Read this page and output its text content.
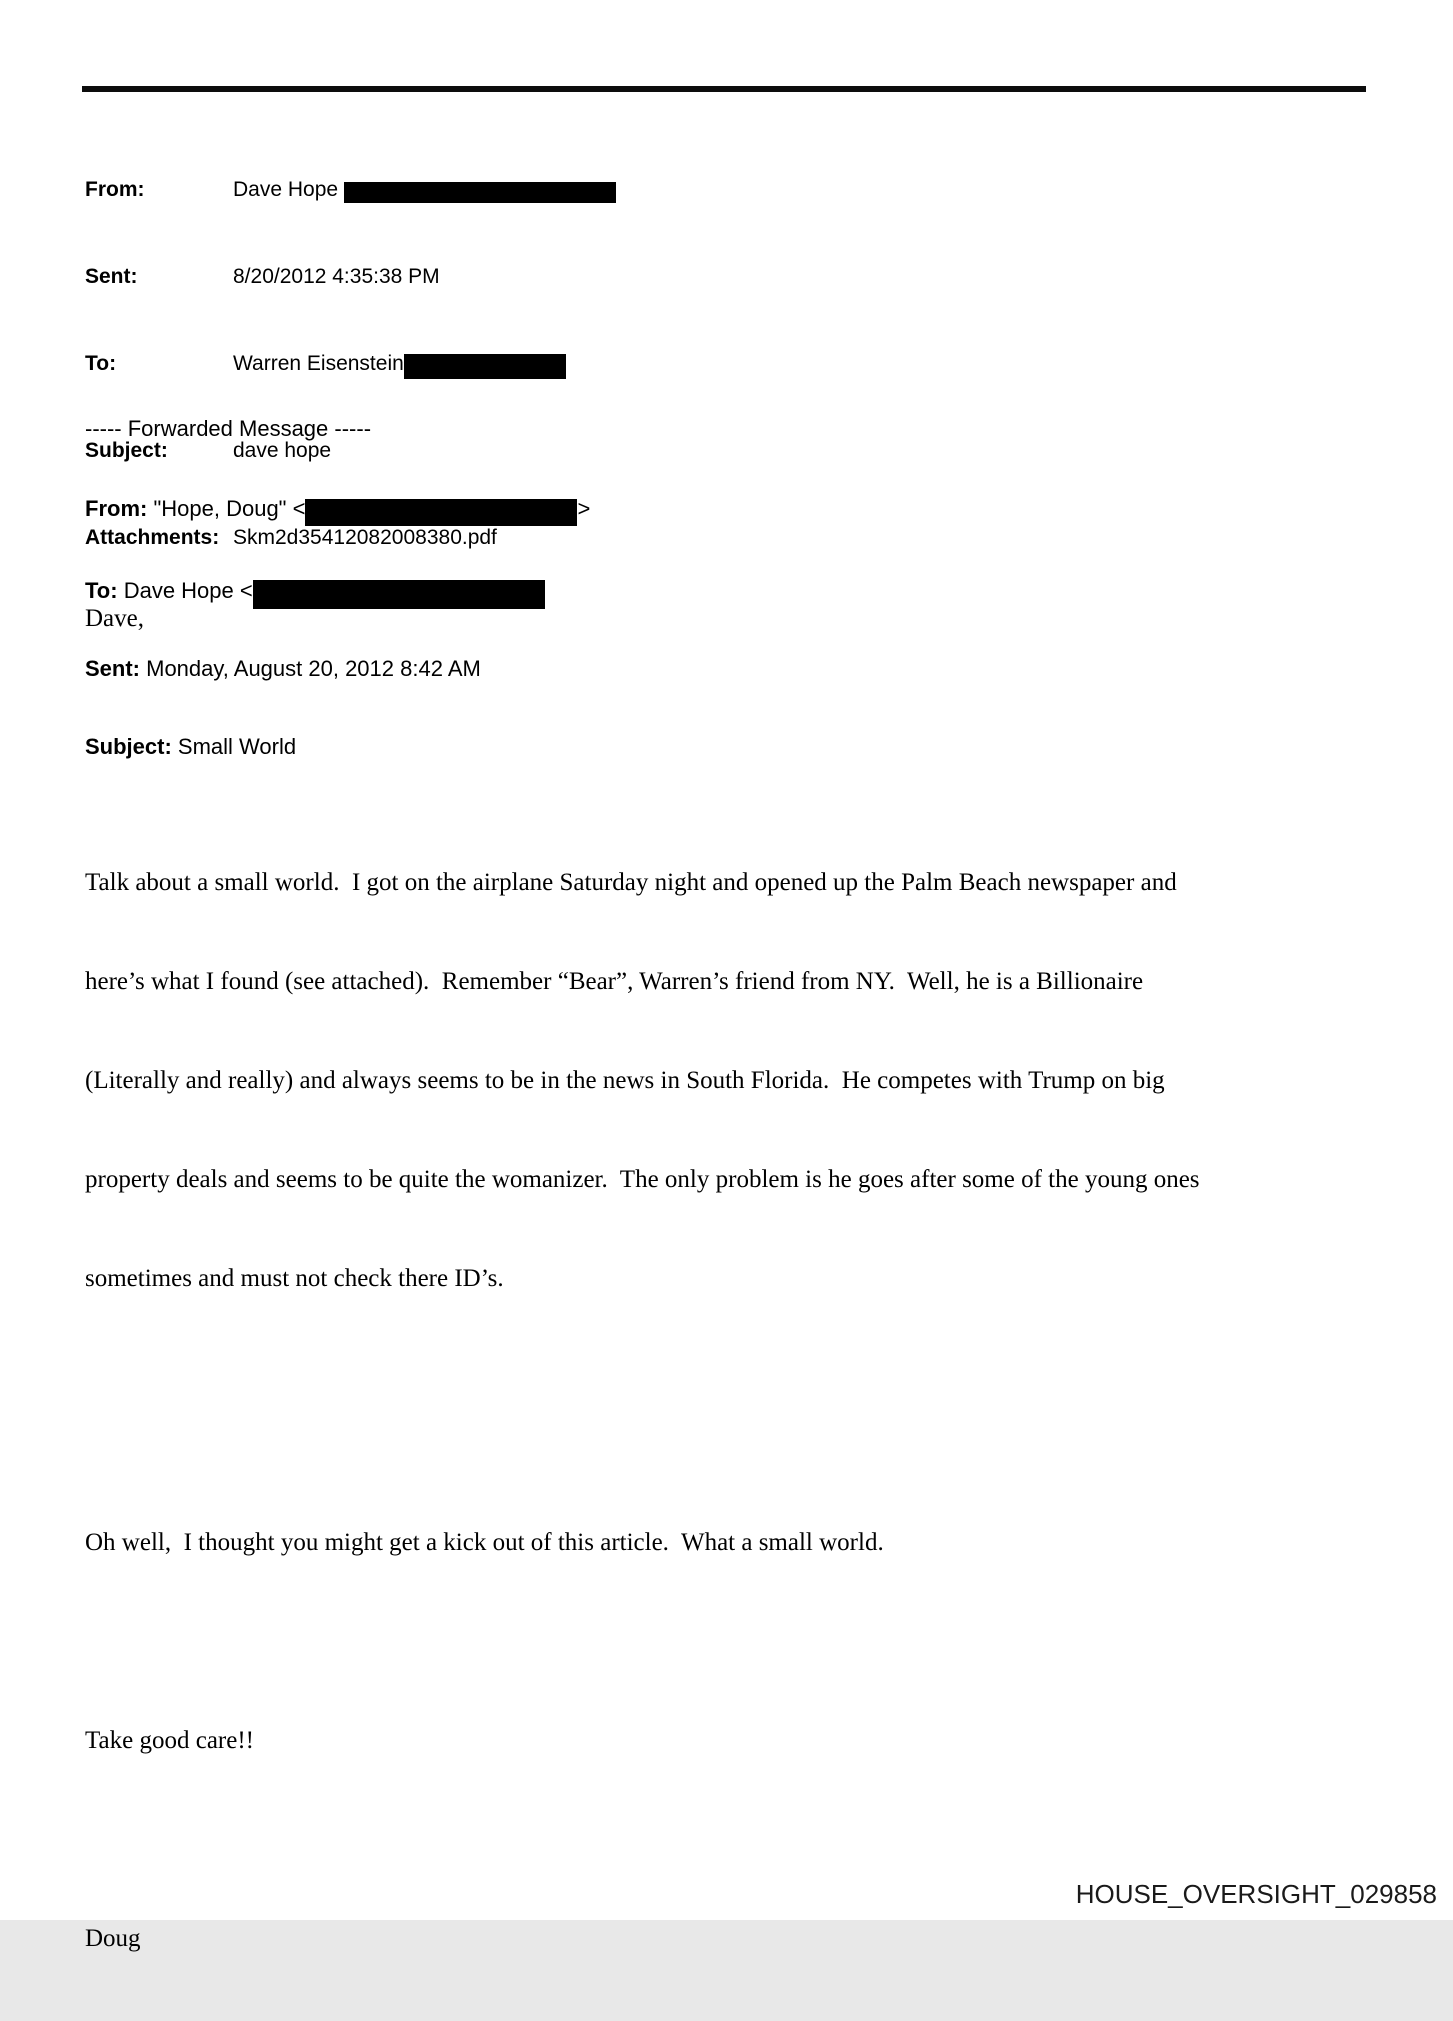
From:	Dave Hope

Sent:	8/20/2012 4:35:38 PM

To:	Warren Eisenstein

Subject:	dave hope

Attachments: Skm2d35412082008380.pdf

----- Forwarded Message -----

From: "Hope, Doug" <	>

To: Dave Hope <

Sent: Monday, August 20, 2012 8:42 AM

Subject: Small World

Dave,

Talk about a small world.  I got on the airplane Saturday night and opened up the Palm Beach newspaper and

here’s what I found (see attached).  Remember “Bear”, Warren’s friend from NY.  Well, he is a Billionaire

(Literally and really) and always seems to be in the news in South Florida.  He competes with Trump on big

property deals and seems to be quite the womanizer.  The only problem is he goes after some of the young ones

sometimes and must not check there ID’s.

Oh well,  I thought you might get a kick out of this article.  What a small world.

Take good care!!

Doug

HOUSE_OVERSIGHT_029858
